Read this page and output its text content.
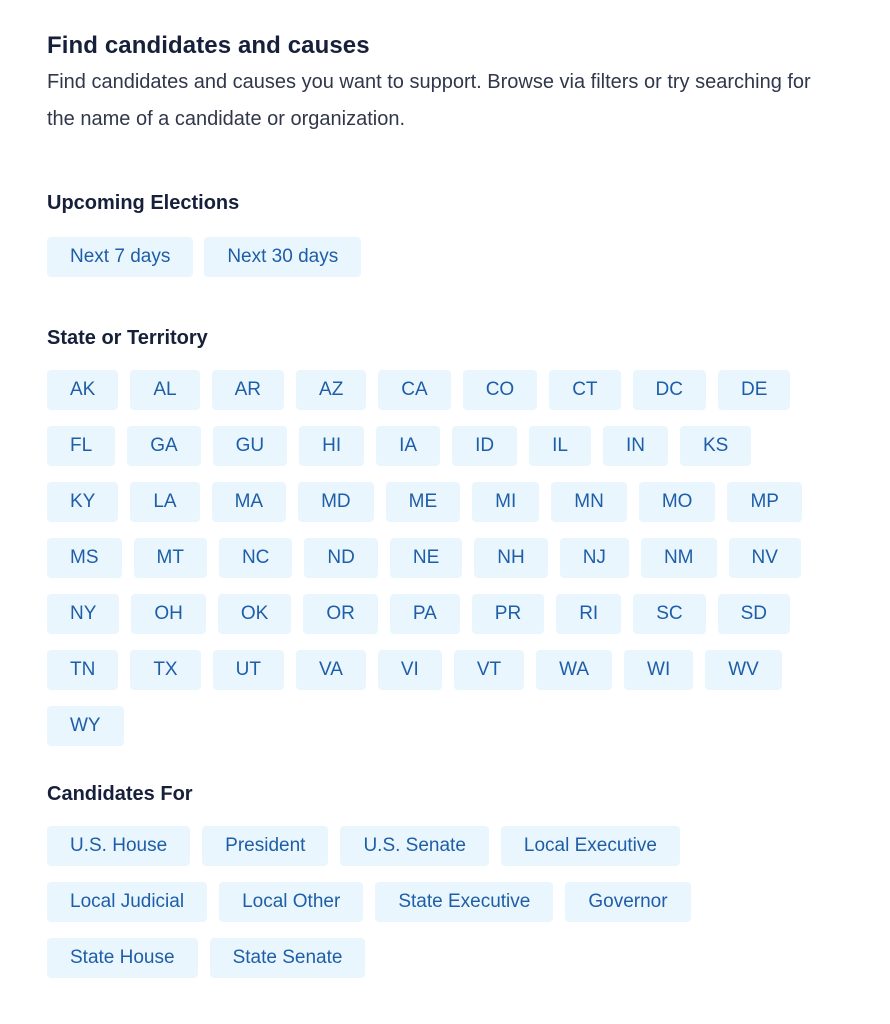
Find candidates and causes

Find candidates and causes you want to support. Browse via filters or try searching for the name of a candidate or organization.

Upcoming Elections
Next 7 days	Next 30 days
State or Territory
AK	AL	AR	AZ	CA	CO	CT	DC	DE
FL	GA	GU	HI	IA	ID	IL	IN	KS
KY	LA	MA	MD	ME	MI	MN	MO	MP
MS	MT	NC	ND	NE	NH	NJ	NM	NV
NY	OH	OK	OR	PA	PR	RI	SC	SD
TN	TX	UT	VA	VI	VT	WA	WI	WV
WY
Candidates For
U.S. House	President	U.S. Senate	Local Executive
Local Judicial	Local Other	State Executive	Governor
State House	State Senate
